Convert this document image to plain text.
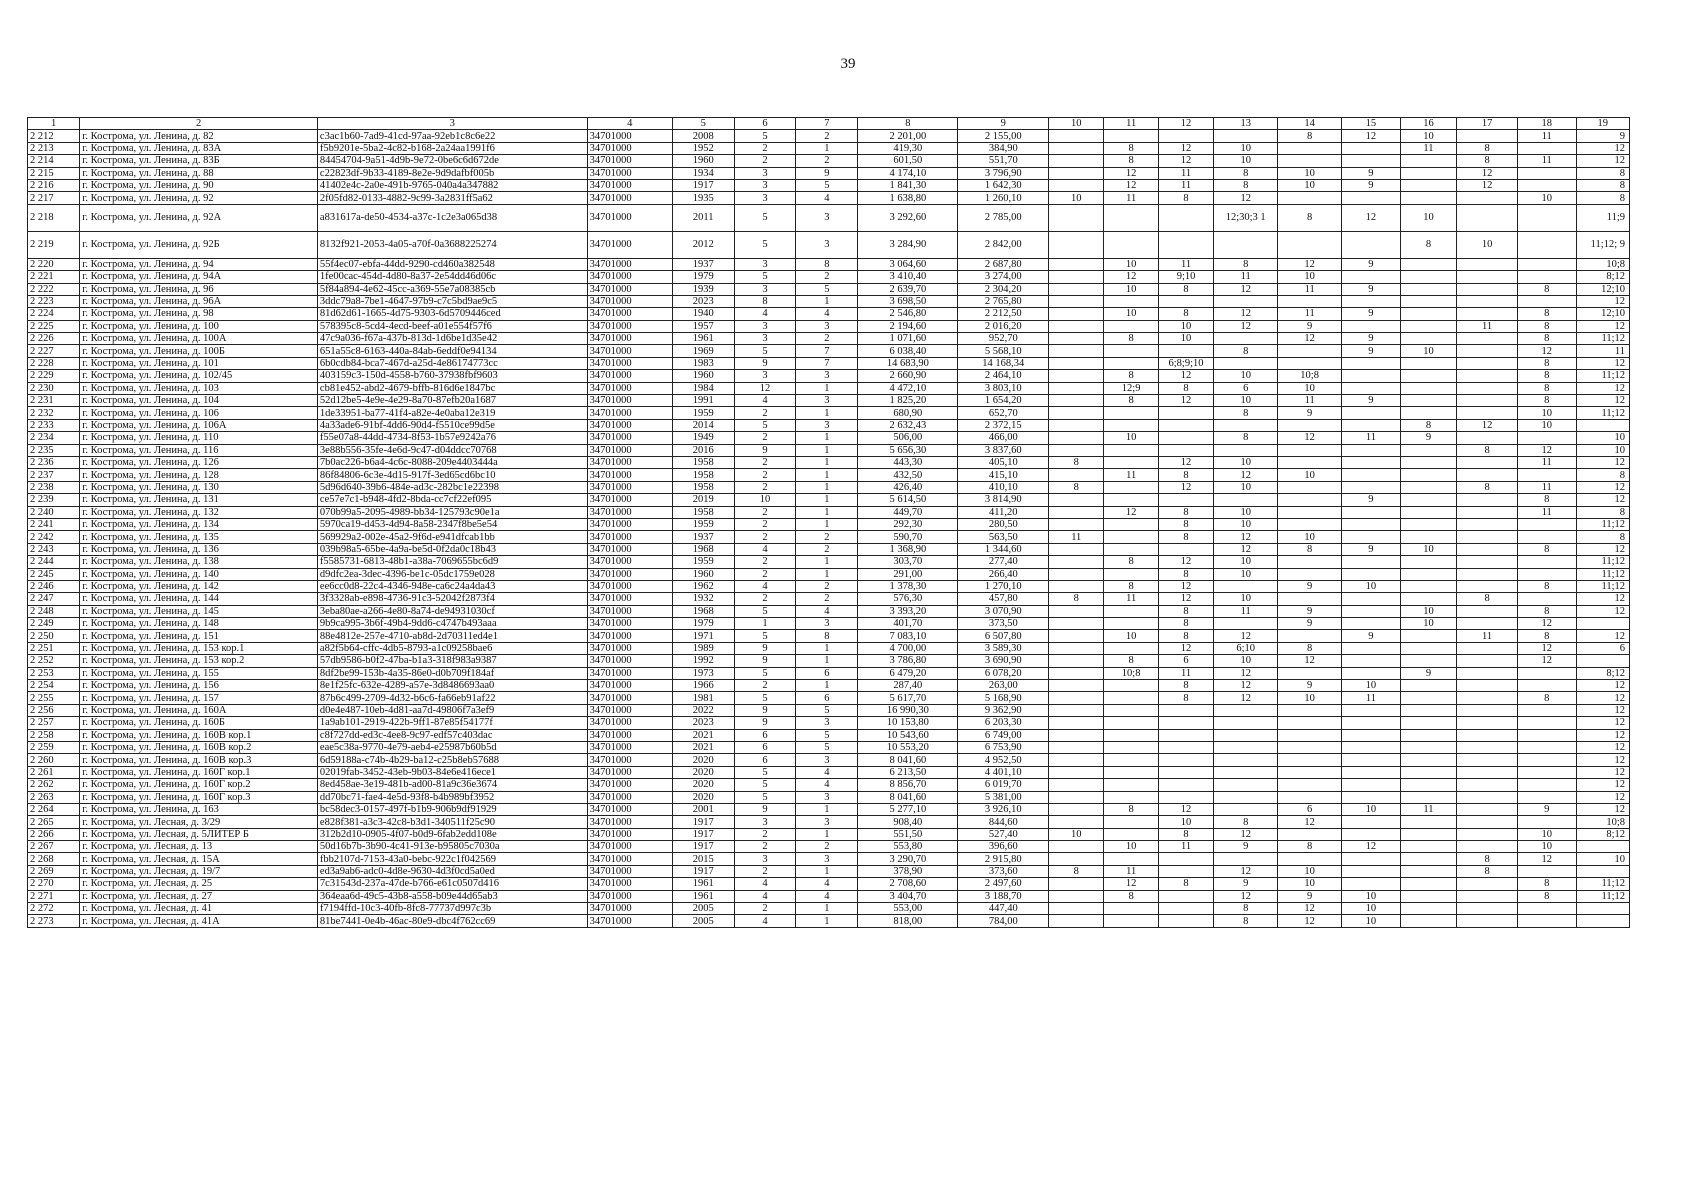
39
1	2	3	4	5	6	7	8	9	10	11	12	13	14	15	16	17	18	19
2 212	г. Кострома, ул. Ленина, д. 82	c3ac1b60-7ad9-41cd-97aa-92eb1c8c6e22	34701000	2008	5	2	2 201,00	2 155,00					8	12	10		11	9
2 213	г. Кострома, ул. Ленина, д. 83А	f5b9201e-5ba2-4c82-b168-2a24aa1991f6	34701000	1952	2	1	419,30	384,90		8	12	10			11	8		12
2 214	г. Кострома, ул. Ленина, д. 83Б	84454704-9a51-4d9b-9e72-0be6c6d672de	34701000	1960	2	2	601,50	551,70		8	12	10				8	11	12
2 215	г. Кострома, ул. Ленина, д. 88	c22823df-9b33-4189-8e2e-9d9dafbf005b	34701000	1934	3	9	4 174,10	3 796,90		12	11	8	10	9		12		8
2 216	г. Кострома, ул. Ленина, д. 90	41402e4c-2a0e-491b-9765-040a4a347882	34701000	1917	3	5	1 841,30	1 642,30		12	11	8	10	9		12		8
2 217	г. Кострома, ул. Ленина, д. 92	2f05fd82-0133-4882-9c99-3a2831ff5a62	34701000	1935	3	4	1 638,80	1 260,10	10	11	8	12					10	8
2 218	г. Кострома, ул. Ленина, д. 92А	a831617a-de50-4534-a37c-1c2e3a065d38	34701000	2011	5	3	3 292,60	2 785,00				12;30;3 1	8	12	10			11;9
2 219	г. Кострома, ул. Ленина, д. 92Б	8132f921-2053-4a05-a70f-0a3688225274	34701000	2012	5	3	3 284,90	2 842,00							8	10		11;12; 9
2 220	г. Кострома, ул. Ленина, д. 94	55f4ec07-ebfa-44dd-9290-cd460a382548	34701000	1937	3	8	3 064,60	2 687,80		10	11	8	12	9				10;8
2 221	г. Кострома, ул. Ленина, д. 94А	1fe00cac-454d-4d80-8a37-2e54dd46d06c	34701000	1979	5	2	3 410,40	3 274,00		12	9;10	11	10					8;12
2 222	г. Кострома, ул. Ленина, д. 96	5f84a894-4e62-45cc-a369-55e7a08385cb	34701000	1939	3	5	2 639,70	2 304,20		10	8	12	11	9			8	12;10
2 223	г. Кострома, ул. Ленина, д. 96А	3ddc79a8-7be1-4647-97b9-c7c5bd9ae9c5	34701000	2023	8	1	3 698,50	2 765,80										12
2 224	г. Кострома, ул. Ленина, д. 98	81d62d61-1665-4d75-9303-6d5709446ced	34701000	1940	4	4	2 546,80	2 212,50		10	8	12	11	9			8	12;10
2 225	г. Кострома, ул. Ленина, д. 100	578395c8-5cd4-4ecd-beef-a01e554f57f6	34701000	1957	3	3	2 194,60	2 016,20			10	12	9			11	8	12
2 226	г. Кострома, ул. Ленина, д. 100А	47c9a036-f67a-437b-813d-1d6be1d35e42	34701000	1961	3	2	1 071,60	952,70		8	10		12	9			8	11;12
2 227	г. Кострома, ул. Ленина, д. 100Б	651a55c8-6163-440a-84ab-6eddf0e94134	34701000	1969	5	7	6 038,40	5 568,10				8		9	10		12	11
2 228	г. Кострома, ул. Ленина, д. 101	6b0cdb84-bca7-467d-a25d-4e86174773cc	34701000	1983	9	7	14 683,90	14 168,34			6;8;9;10						8	12
2 229	г. Кострома, ул. Ленина, д. 102/45	403159c3-150d-4558-b760-37938fbf9603	34701000	1960	3	3	2 660,90	2 464,10		8	12	10	10;8				8	11;12
2 230	г. Кострома, ул. Ленина, д. 103	cb81e452-abd2-4679-bffb-816d6e1847bc	34701000	1984	12	1	4 472,10	3 803,10		12;9	8	6	10				8	12
2 231	г. Кострома, ул. Ленина, д. 104	52d12be5-4e9e-4e29-8a70-87efb20a1687	34701000	1991	4	3	1 825,20	1 654,20		8	12	10	11	9			8	12
2 232	г. Кострома, ул. Ленина, д. 106	1de33951-ba77-41f4-a82e-4e0aba12e319	34701000	1959	2	1	680,90	652,70				8	9				10	11;12
2 233	г. Кострома, ул. Ленина, д. 106А	4a33ade6-91bf-4dd6-90d4-f5510ce99d5e	34701000	2014	5	3	2 632,43	2 372,15							8	12	10	
2 234	г. Кострома, ул. Ленина, д. 110	f55e07a8-44dd-4734-8f53-1b57e9242a76	34701000	1949	2	1	506,00	466,00		10		8	12	11	9			10
2 235	г. Кострома, ул. Ленина, д. 116	3e88b556-35fe-4e6d-9c47-d04ddcc70768	34701000	2016	9	1	5 656,30	3 837,60								8	12	10
2 236	г. Кострома, ул. Ленина, д. 126	7b0ac226-b6a4-4c6c-8088-209e4403444a	34701000	1958	2	1	443,30	405,10	8		12	10					11	12
2 237	г. Кострома, ул. Ленина, д. 128	86f84806-6c3e-4d15-917f-3ed65cd6bc10	34701000	1958	2	1	432,50	415,10		11	8	12	10					8
2 238	г. Кострома, ул. Ленина, д. 130	5d96d640-39b6-484e-ad3c-282bc1e22398	34701000	1958	2	1	426,40	410,10	8		12	10				8	11	12
2 239	г. Кострома, ул. Ленина, д. 131	ce57e7c1-b948-4fd2-8bda-cc7cf22ef095	34701000	2019	10	1	5 614,50	3 814,90						9			8	12
2 240	г. Кострома, ул. Ленина, д. 132	070b99a5-2095-4989-bb34-125793c90e1a	34701000	1958	2	1	449,70	411,20		12	8	10					11	8
2 241	г. Кострома, ул. Ленина, д. 134	5970ca19-d453-4d94-8a58-2347f8be5e54	34701000	1959	2	1	292,30	280,50			8	10						11;12
2 242	г. Кострома, ул. Ленина, д. 135	569929a2-002e-45a2-9f6d-e941dfcab1bb	34701000	1937	2	2	590,70	563,50	11		8	12	10					8
2 243	г. Кострома, ул. Ленина, д. 136	039b98a5-65be-4a9a-be5d-0f2da0c18b43	34701000	1968	4	2	1 368,90	1 344,60				12	8	9	10		8	12
2 244	г. Кострома, ул. Ленина, д. 138	f5585731-6813-48b1-a38a-7069655bc6d9	34701000	1959	2	1	303,70	277,40		8	12	10						11;12
2 245	г. Кострома, ул. Ленина, д. 140	d9dfc2ea-3dec-4396-be1c-05dc1759e028	34701000	1960	2	1	291,00	266,40			8	10						11;12
2 246	г. Кострома, ул. Ленина, д. 142	ee6cc0d8-22c4-4346-948e-ca6c24a4da43	34701000	1962	4	2	1 378,30	1 270,10		8	12		9	10			8	11;12
2 247	г. Кострома, ул. Ленина, д. 144	3f3328ab-e898-4736-91c3-52042f2873f4	34701000	1932	2	2	576,30	457,80	8	11	12	10				8		12
2 248	г. Кострома, ул. Ленина, д. 145	3eba80ae-a266-4e80-8a74-de94931030cf	34701000	1968	5	4	3 393,20	3 070,90			8	11	9		10		8	12
2 249	г. Кострома, ул. Ленина, д. 148	9b9ca995-3b6f-49b4-9dd6-c4747b493aaa	34701000	1979	1	3	401,70	373,50			8		9		10		12	
2 250	г. Кострома, ул. Ленина, д. 151	88e4812e-257e-4710-ab8d-2d70311ed4e1	34701000	1971	5	8	7 083,10	6 507,80		10	8	12		9		11	8	12
2 251	г. Кострома, ул. Ленина, д. 153 кор.1	a82f5b64-cffc-4db5-8793-a1c09258bae6	34701000	1989	9	1	4 700,00	3 589,30			12	6;10	8				12	6
2 252	г. Кострома, ул. Ленина, д. 153 кор.2	57db9586-b0f2-47ba-b1a3-318f983a9387	34701000	1992	9	1	3 786,80	3 690,90		8	6	10	12				12	
2 253	г. Кострома, ул. Ленина, д. 155	8df2be99-153b-4a35-86e0-d0b709f184af	34701000	1973	5	6	6 479,20	6 078,20		10;8	11	12			9			8;12
2 254	г. Кострома, ул. Ленина, д. 156	8e1f25fc-632e-4289-a57e-3d8486693aa0	34701000	1966	2	1	287,40	263,00			8	12	9	10				12
2 255	г. Кострома, ул. Ленина, д. 157	87b6c499-2709-4d32-b6c6-fa66eb91af22	34701000	1981	5	6	5 617,70	5 168,90			8	12	10	11			8	12
2 256	г. Кострома, ул. Ленина, д. 160А	d0e4e487-10eb-4d81-aa7d-49806f7a3ef9	34701000	2022	9	5	16 990,30	9 362,90										12
2 257	г. Кострома, ул. Ленина, д. 160Б	1a9ab101-2919-422b-9ff1-87e85f54177f	34701000	2023	9	3	10 153,80	6 203,30										12
2 258	г. Кострома, ул. Ленина, д. 160В кор.1	c8f727dd-ed3c-4ee8-9c97-edf57c403dac	34701000	2021	6	5	10 543,60	6 749,00										12
2 259	г. Кострома, ул. Ленина, д. 160В кор.2	eae5c38a-9770-4e79-aeb4-e25987b60b5d	34701000	2021	6	5	10 553,20	6 753,90										12
2 260	г. Кострома, ул. Ленина, д. 160В кор.3	6d59188a-c74b-4b29-ba12-c25b8eb57688	34701000	2020	6	3	8 041,60	4 952,50										12
2 261	г. Кострома, ул. Ленина, д. 160Г кор.1	02019fab-3452-43eb-9b03-84e6e416ece1	34701000	2020	5	4	6 213,50	4 401,10										12
2 262	г. Кострома, ул. Ленина, д. 160Г кор.2	8ed458ae-3e19-481b-ad00-81a9c36e3674	34701000	2020	5	4	8 856,70	6 019,70										12
2 263	г. Кострома, ул. Ленина, д. 160Г кор.3	dd70bc71-fae4-4e5d-93f8-b4b989bf3952	34701000	2020	5	3	8 041,60	5 381,00										12
2 264	г. Кострома, ул. Ленина, д. 163	bc58dec3-0157-497f-b1b9-906b9df91929	34701000	2001	9	1	5 277,10	3 926,10		8	12		6	10	11		9	12
2 265	г. Кострома, ул. Лесная, д. 3/29	e828f381-a3c3-42c8-b3d1-340511f25c90	34701000	1917	3	3	908,40	844,60			10	8	12					10;8
2 266	г. Кострома, ул. Лесная, д. 5ЛИТЕР Б	312b2d10-0905-4f07-b0d9-6fab2edd108e	34701000	1917	2	1	551,50	527,40	10		8	12					10	8;12
2 267	г. Кострома, ул. Лесная, д. 13	50d16b7b-3b90-4c41-913e-b95805c7030a	34701000	1917	2	2	553,80	396,60		10	11	9	8	12			10	
2 268	г. Кострома, ул. Лесная, д. 15А	fbb2107d-7153-43a0-bebc-922c1f042569	34701000	2015	3	3	3 290,70	2 915,80								8	12	10
2 269	г. Кострома, ул. Лесная, д. 19/7	ed3a9ab6-adc0-4d8e-9630-4d3f0cd5a0ed	34701000	1917	2	1	378,90	373,60	8	11		12	10			8		
2 270	г. Кострома, ул. Лесная, д. 25	7c31543d-237a-47de-b766-e61c0507d416	34701000	1961	4	4	2 708,60	2 497,60		12	8	9	10				8	11;12
2 271	г. Кострома, ул. Лесная, д. 27	364eaa6d-49c5-43b8-a558-b09e44d65ab3	34701000	1961	4	4	3 404,70	3 188,70		8		12	9	10			8	11;12
2 272	г. Кострома, ул. Лесная, д. 41	f7194ffd-10c3-40fb-8fc8-77737d997c3b	34701000	2005	2	1	553,00	447,40				8	12	10				
2 273	г. Кострома, ул. Лесная, д. 41А	81be7441-0e4b-46ac-80e9-dbc4f762cc69	34701000	2005	4	1	818,00	784,00				8	12	10				
